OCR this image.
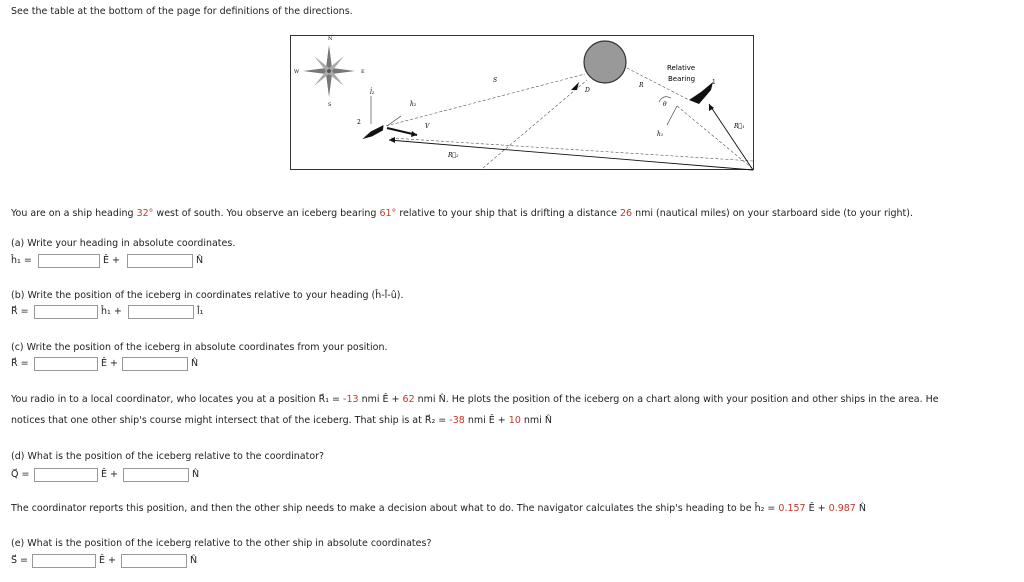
See the table at the bottom of the page for definitions of the directions.
N
S
E
W
2
V
1
S
D
R
Relative
Bearing
θ
l̂₂
ĥ₂
R⃗₂
ĥ₁
R⃗₁
You are on a ship heading 32° west of south. You observe an iceberg bearing 61° relative to your ship that is drifting a distance 26 nmi (nautical miles) on your starboard side (to your right).
(a) Write your heading in absolute coordinates.
ĥ₁ =	Ê +	N̂
(b) Write the position of the iceberg in coordinates relative to your heading (ĥ-l̂-û).
R⃗ =	ĥ₁ +	l̂₁
(c) Write the position of the iceberg in absolute coordinates from your position.
R⃗ =	Ê +	N̂
You radio in to a local coordinator, who locates you at a position R⃗₁ = -13 nmi Ê + 62 nmi N̂. He plots the position of the iceberg on a chart along with your position and other ships in the area. He
notices that one other ship's course might intersect that of the iceberg. That ship is at R⃗₂ = -38 nmi Ê + 10 nmi N̂
(d) What is the position of the iceberg relative to the coordinator?
Q⃗ =	Ê +	N̂
The coordinator reports this position, and then the other ship needs to make a decision about what to do. The navigator calculates the ship's heading to be ĥ₂ = 0.157 Ê + 0.987 N̂
(e) What is the position of the iceberg relative to the other ship in absolute coordinates?
S⃗ =	Ê +	N̂
